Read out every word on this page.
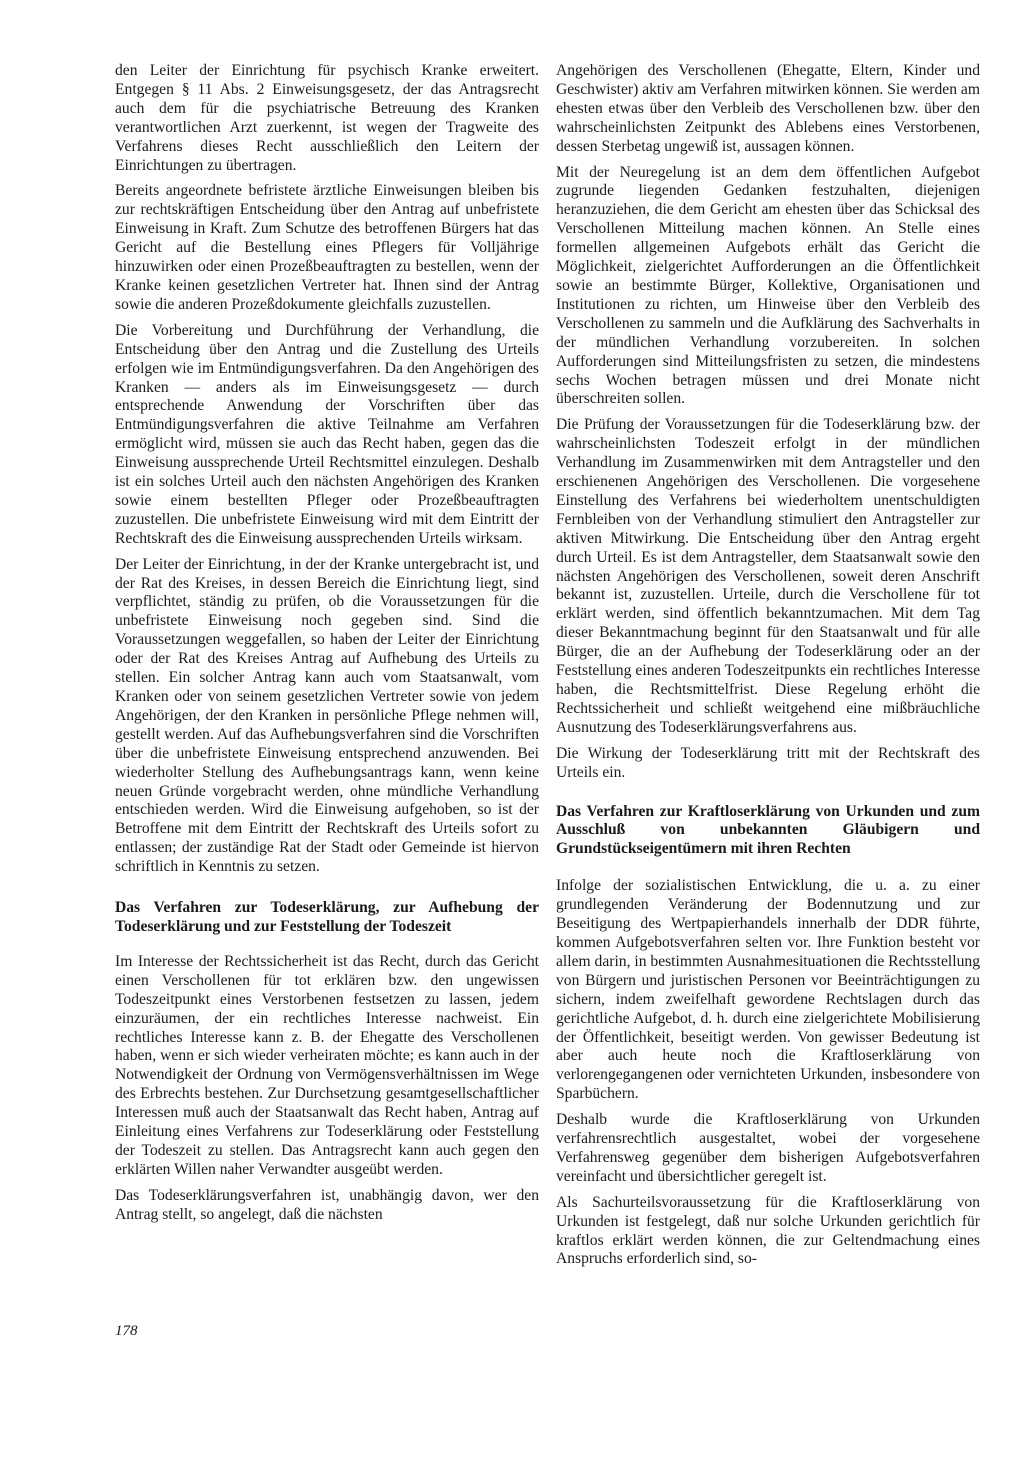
den Leiter der Einrichtung für psychisch Kranke erweitert. Entgegen § 11 Abs. 2 Einweisungsgesetz, der das Antragsrecht auch dem für die psychiatrische Betreuung des Kranken verantwortlichen Arzt zuerkennt, ist wegen der Tragweite des Verfahrens dieses Recht ausschließlich den Leitern der Einrichtungen zu übertragen.

Bereits angeordnete befristete ärztliche Einweisungen bleiben bis zur rechtskräftigen Entscheidung über den Antrag auf unbefristete Einweisung in Kraft. Zum Schutze des betroffenen Bürgers hat das Gericht auf die Bestellung eines Pflegers für Volljährige hinzuwirken oder einen Prozeßbeauftragten zu bestellen, wenn der Kranke keinen gesetzlichen Vertreter hat. Ihnen sind der Antrag sowie die anderen Prozeßdokumente gleichfalls zuzustellen.

Die Vorbereitung und Durchführung der Verhandlung, die Entscheidung über den Antrag und die Zustellung des Urteils erfolgen wie im Entmündigungsverfahren. Da den Angehörigen des Kranken — anders als im Einweisungsgesetz — durch entsprechende Anwendung der Vorschriften über das Entmündigungsverfahren die aktive Teilnahme am Verfahren ermöglicht wird, müssen sie auch das Recht haben, gegen das die Einweisung aussprechende Urteil Rechtsmittel einzulegen. Deshalb ist ein solches Urteil auch den nächsten Angehörigen des Kranken sowie einem bestellten Pfleger oder Prozeßbeauftragten zuzustellen. Die unbefristete Einweisung wird mit dem Eintritt der Rechtskraft des die Einweisung aussprechenden Urteils wirksam.

Der Leiter der Einrichtung, in der der Kranke untergebracht ist, und der Rat des Kreises, in dessen Bereich die Einrichtung liegt, sind verpflichtet, ständig zu prüfen, ob die Voraussetzungen für die unbefristete Einweisung noch gegeben sind. Sind die Voraussetzungen weggefallen, so haben der Leiter der Einrichtung oder der Rat des Kreises Antrag auf Aufhebung des Urteils zu stellen. Ein solcher Antrag kann auch vom Staatsanwalt, vom Kranken oder von seinem gesetzlichen Vertreter sowie von jedem Angehörigen, der den Kranken in persönliche Pflege nehmen will, gestellt werden. Auf das Aufhebungsverfahren sind die Vorschriften über die unbefristete Einweisung entsprechend anzuwenden. Bei wiederholter Stellung des Aufhebungsantrags kann, wenn keine neuen Gründe vorgebracht werden, ohne mündliche Verhandlung entschieden werden. Wird die Einweisung aufgehoben, so ist der Betroffene mit dem Eintritt der Rechtskraft des Urteils sofort zu entlassen; der zuständige Rat der Stadt oder Gemeinde ist hiervon schriftlich in Kenntnis zu setzen.

Das Verfahren zur Todeserklärung, zur Aufhebung der Todeserklärung und zur Feststellung der Todeszeit

Im Interesse der Rechtssicherheit ist das Recht, durch das Gericht einen Verschollenen für tot erklären bzw. den ungewissen Todeszeitpunkt eines Verstorbenen festsetzen zu lassen, jedem einzuräumen, der ein rechtliches Interesse nachweist. Ein rechtliches Interesse kann z. B. der Ehegatte des Verschollenen haben, wenn er sich wieder verheiraten möchte; es kann auch in der Notwendigkeit der Ordnung von Vermögensverhältnissen im Wege des Erbrechts bestehen. Zur Durchsetzung gesamtgesellschaftlicher Interessen muß auch der Staatsanwalt das Recht haben, Antrag auf Einleitung eines Verfahrens zur Todeserklärung oder Feststellung der Todeszeit zu stellen. Das Antragsrecht kann auch gegen den erklärten Willen naher Verwandter ausgeübt werden.

Das Todeserklärungsverfahren ist, unabhängig davon, wer den Antrag stellt, so angelegt, daß die nächsten

Angehörigen des Verschollenen (Ehegatte, Eltern, Kinder und Geschwister) aktiv am Verfahren mitwirken können. Sie werden am ehesten etwas über den Verbleib des Verschollenen bzw. über den wahrscheinlichsten Zeitpunkt des Ablebens eines Verstorbenen, dessen Sterbetag ungewiß ist, aussagen können.

Mit der Neuregelung ist an dem dem öffentlichen Aufgebot zugrunde liegenden Gedanken festzuhalten, diejenigen heranzuziehen, die dem Gericht am ehesten über das Schicksal des Verschollenen Mitteilung machen können. An Stelle eines formellen allgemeinen Aufgebots erhält das Gericht die Möglichkeit, zielgerichtet Aufforderungen an die Öffentlichkeit sowie an bestimmte Bürger, Kollektive, Organisationen und Institutionen zu richten, um Hinweise über den Verbleib des Verschollenen zu sammeln und die Aufklärung des Sachverhalts in der mündlichen Verhandlung vorzubereiten. In solchen Aufforderungen sind Mitteilungsfristen zu setzen, die mindestens sechs Wochen betragen müssen und drei Monate nicht überschreiten sollen.

Die Prüfung der Voraussetzungen für die Todeserklärung bzw. der wahrscheinlichsten Todeszeit erfolgt in der mündlichen Verhandlung im Zusammenwirken mit dem Antragsteller und den erschienenen Angehörigen des Verschollenen. Die vorgesehene Einstellung des Verfahrens bei wiederholtem unentschuldigten Fernbleiben von der Verhandlung stimuliert den Antragsteller zur aktiven Mitwirkung. Die Entscheidung über den Antrag ergeht durch Urteil. Es ist dem Antragsteller, dem Staatsanwalt sowie den nächsten Angehörigen des Verschollenen, soweit deren Anschrift bekannt ist, zuzustellen. Urteile, durch die Verschollene für tot erklärt werden, sind öffentlich bekanntzumachen. Mit dem Tag dieser Bekanntmachung beginnt für den Staatsanwalt und für alle Bürger, die an der Aufhebung der Todeserklärung oder an der Feststellung eines anderen Todeszeitpunkts ein rechtliches Interesse haben, die Rechtsmittelfrist. Diese Regelung erhöht die Rechtssicherheit und schließt weitgehend eine mißbräuchliche Ausnutzung des Todeserklärungsverfahrens aus.

Die Wirkung der Todeserklärung tritt mit der Rechtskraft des Urteils ein.

Das Verfahren zur Kraftloserklärung von Urkunden und zum Ausschluß von unbekannten Gläubigern und Grundstückseigentümern mit ihren Rechten

Infolge der sozialistischen Entwicklung, die u. a. zu einer grundlegenden Veränderung der Bodennutzung und zur Beseitigung des Wertpapierhandels innerhalb der DDR führte, kommen Aufgebotsverfahren selten vor. Ihre Funktion besteht vor allem darin, in bestimmten Ausnahmesituationen die Rechtsstellung von Bürgern und juristischen Personen vor Beeinträchtigungen zu sichern, indem zweifelhaft gewordene Rechtslagen durch das gerichtliche Aufgebot, d. h. durch eine zielgerichtete Mobilisierung der Öffentlichkeit, beseitigt werden. Von gewisser Bedeutung ist aber auch heute noch die Kraftloserklärung von verlorengegangenen oder vernichteten Urkunden, insbesondere von Sparbüchern.

Deshalb wurde die Kraftloserklärung von Urkunden verfahrensrechtlich ausgestaltet, wobei der vorgesehene Verfahrensweg gegenüber dem bisherigen Aufgebotsverfahren vereinfacht und übersichtlicher geregelt ist.

Als Sachurteilsvoraussetzung für die Kraftloserklärung von Urkunden ist festgelegt, daß nur solche Urkunden gerichtlich für kraftlos erklärt werden können, die zur Geltendmachung eines Anspruchs erforderlich sind, so-

178
